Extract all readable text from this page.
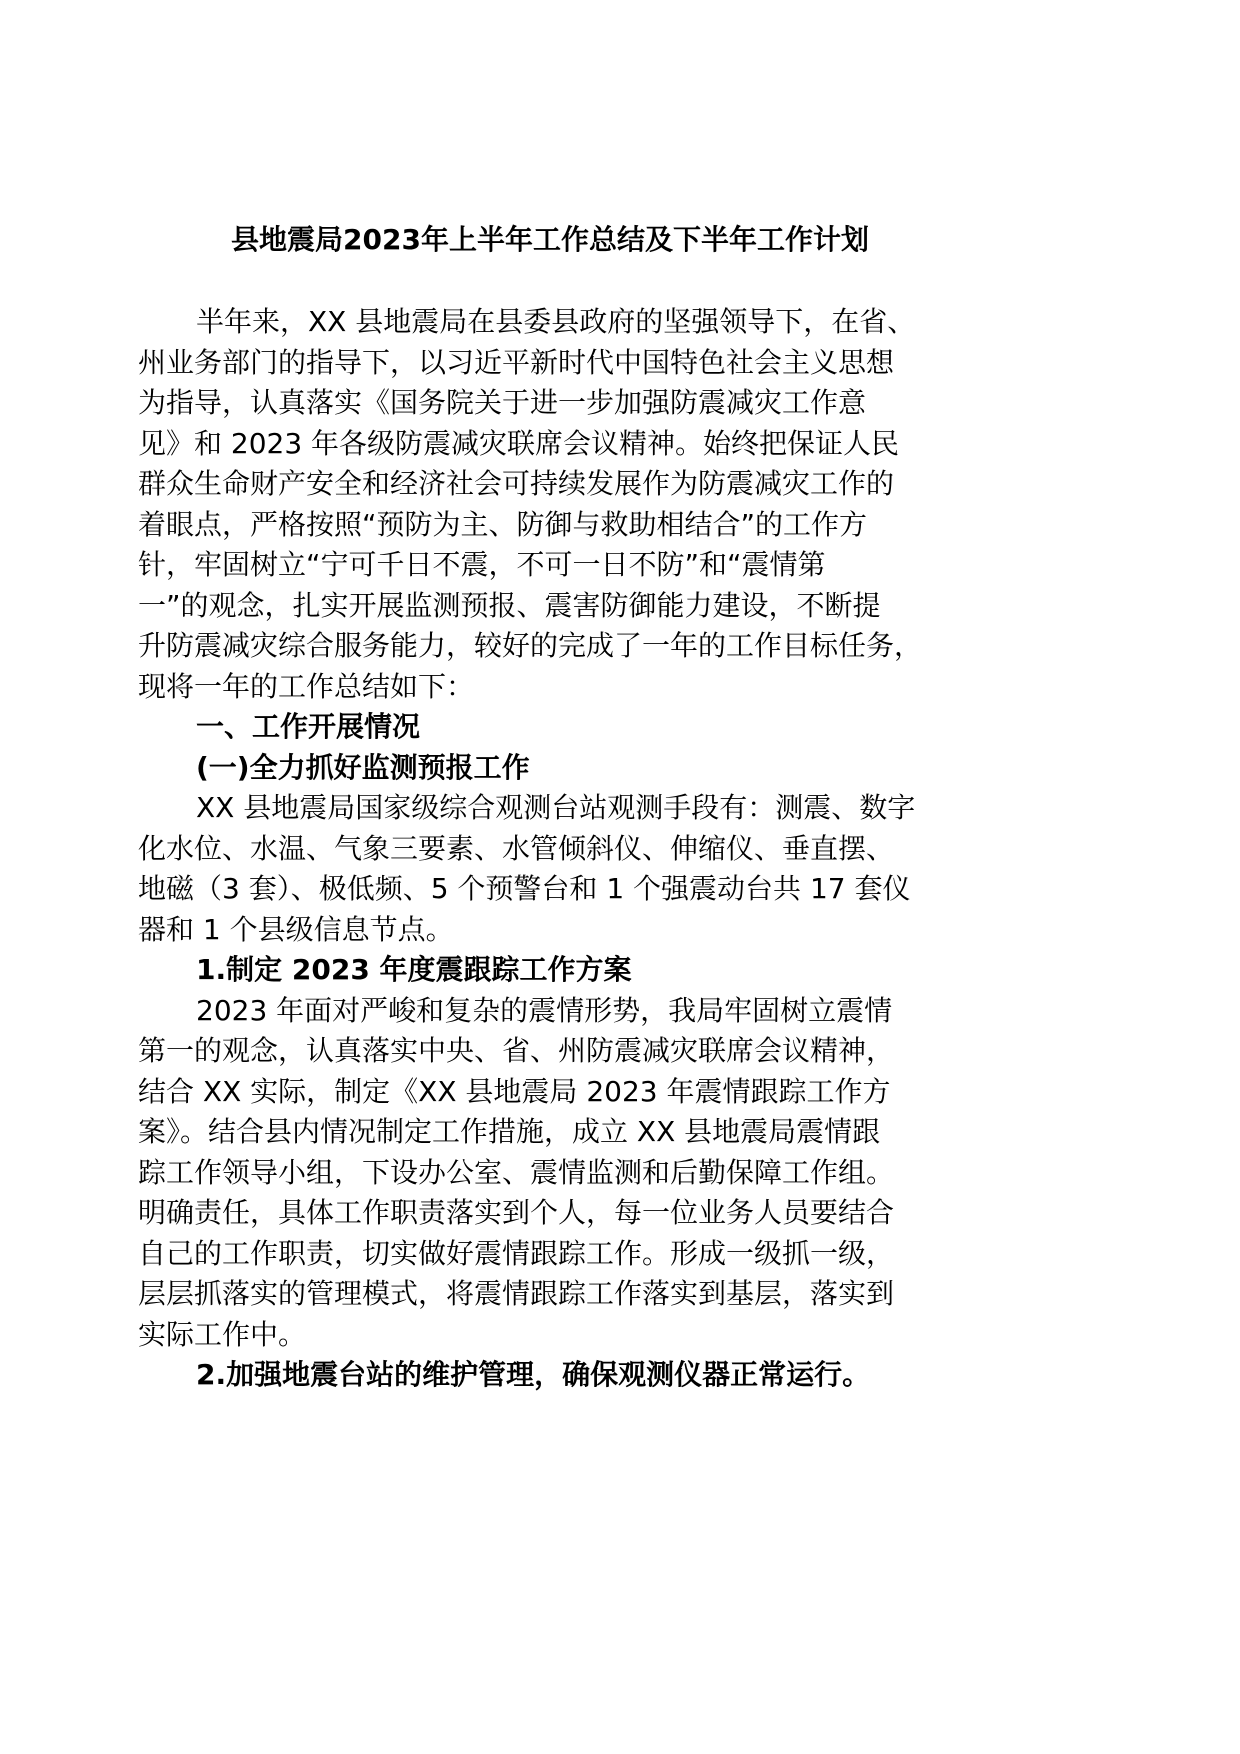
县地震局2023年上半年工作总结及下半年工作计划
半年来，XX 县地震局在县委县政府的坚强领导下，在省、
州业务部门的指导下，以习近平新时代中国特色社会主义思想
为指导，认真落实《国务院关于进一步加强防震减灾工作意
见》和 2023 年各级防震减灾联席会议精神。始终把保证人民
群众生命财产安全和经济社会可持续发展作为防震减灾工作的
着眼点，严格按照“预防为主、防御与救助相结合”的工作方
针，牢固树立“宁可千日不震，不可一日不防”和“震情第
一”的观念，扎实开展监测预报、震害防御能力建设，不断提
升防震减灾综合服务能力，较好的完成了一年的工作目标任务，
现将一年的工作总结如下：
一、工作开展情况
(一)全力抓好监测预报工作
XX 县地震局国家级综合观测台站观测手段有：测震、数字
化水位、水温、气象三要素、水管倾斜仪、伸缩仪、垂直摆、
地磁（3 套）、极低频、5 个预警台和 1 个强震动台共 17 套仪
器和 1 个县级信息节点。
1.制定 2023 年度震跟踪工作方案
2023 年面对严峻和复杂的震情形势，我局牢固树立震情
第一的观念，认真落实中央、省、州防震减灾联席会议精神，
结合 XX 实际，制定《XX 县地震局 2023 年震情跟踪工作方
案》。结合县内情况制定工作措施，成立 XX 县地震局震情跟
踪工作领导小组，下设办公室、震情监测和后勤保障工作组。
明确责任，具体工作职责落实到个人，每一位业务人员要结合
自己的工作职责，切实做好震情跟踪工作。形成一级抓一级，
层层抓落实的管理模式，将震情跟踪工作落实到基层，落实到
实际工作中。
2.加强地震台站的维护管理，确保观测仪器正常运行。
